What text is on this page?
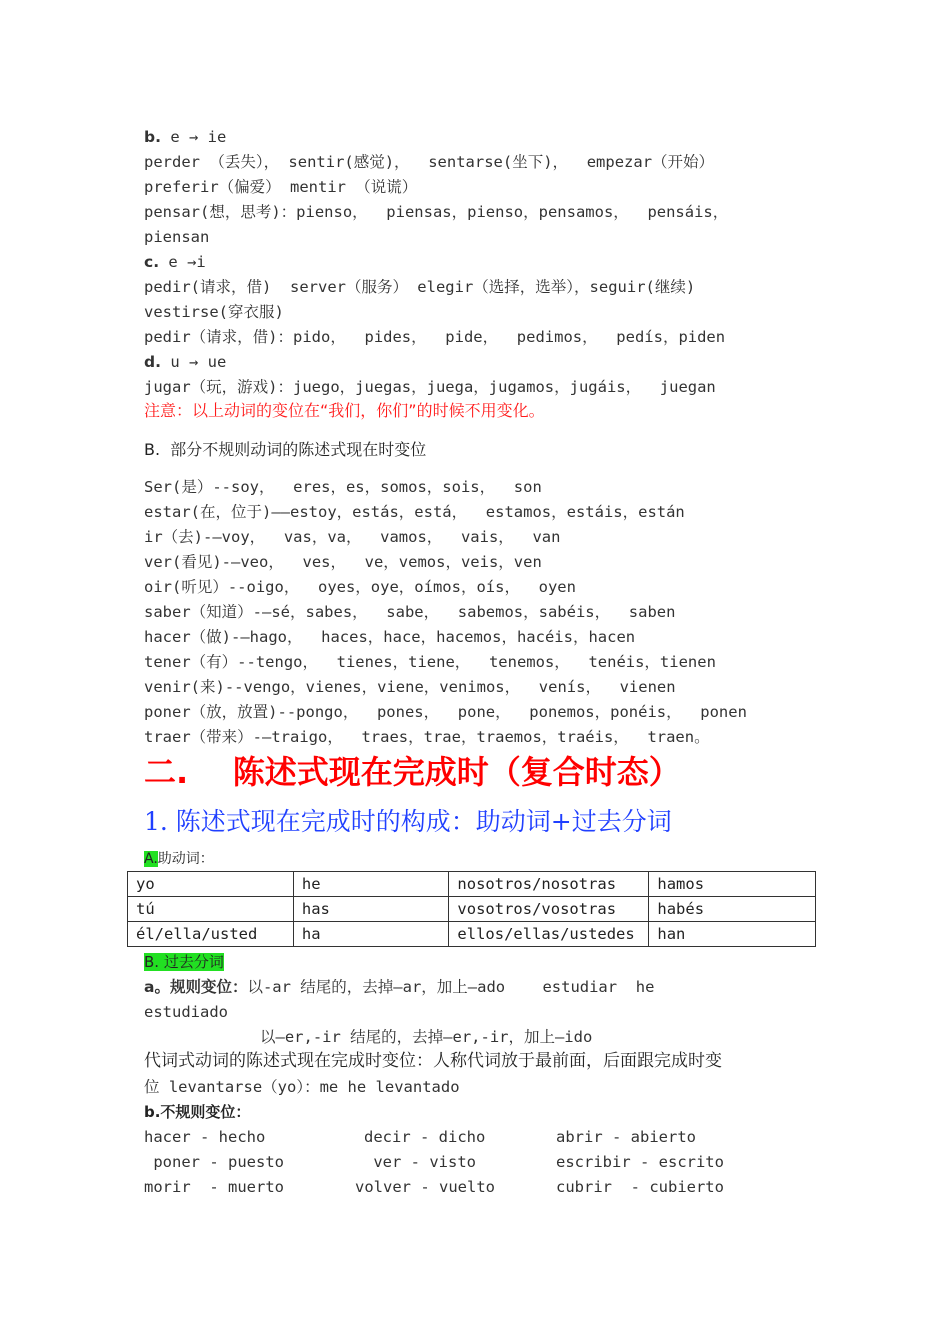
b. e → ie
perder （丢失）， sentir(感觉)，  sentarse(坐下)，  empezar（开始）
preferir（偏爱） mentir （说谎）
pensar(想，思考)：pienso，  piensas，pienso，pensamos，  pensáis，
piensan
c. e →i
pedir(请求，借)  server（服务） elegir（选择，选举），seguir(继续)
vestirse(穿衣服)
pedir（请求，借)：pido，  pides，  pide，  pedimos，  pedís，piden
d. u → ue
jugar（玩，游戏)：juego，juegas，juega，jugamos，jugáis，  juegan
注意：以上动词的变位在“我们，你们”的时候不用变化。
B.  部分不规则动词的陈述式现在时变位
Ser(是）--soy，  eres，es，somos，sois，  son
estar(在，位于)——estoy，estás，está，  estamos，estáis，están
ir（去)-—voy，  vas，va，  vamos，  vais，  van
ver(看见)-—veo，  ves，  ve，vemos，veis，ven
oir(听见）--oigo，  oyes，oye，oímos，oís，  oyen
saber（知道）-—sé，sabes，  sabe，  sabemos，sabéis，  saben
hacer（做)-—hago，  haces，hace，hacemos，hacéis，hacen
tener（有）--tengo，  tienes，tiene，  tenemos，  tenéis，tienen
venir(来)--vengo，vienes，viene，venimos，  venís，  vienen
poner（放，放置)--pongo，  pones，  pone，  ponemos，ponéis，  ponen
traer（带来）-—traigo，  traes，trae，traemos，traéis，  traen。
二.    陈述式现在完成时（复合时态）
1. 陈述式现在完成时的构成：助动词+过去分词
A.助动词：
yo	he	nosotros/nosotras	hamos
tú	has	vosotros/vosotras	habés
él/ella/usted	ha	ellos/ellas/ustedes	han
B. 过去分词
a。规则变位：以-ar 结尾的，去掉—ar，加上—ado    estudiar  he
estudiado
以—er,-ir 结尾的，去掉—er,-ir，加上—ido
代词式动词的陈述式现在完成时变位：人称代词放于最前面，后面跟完成时变
位 levantarse（yo）：me he levantado
b.不规则变位：
hacer - hecho	decir - dicho	abrir - abierto
poner - puesto	ver - visto	escribir - escrito
morir  - muerto	volver - vuelto	cubrir  - cubierto
